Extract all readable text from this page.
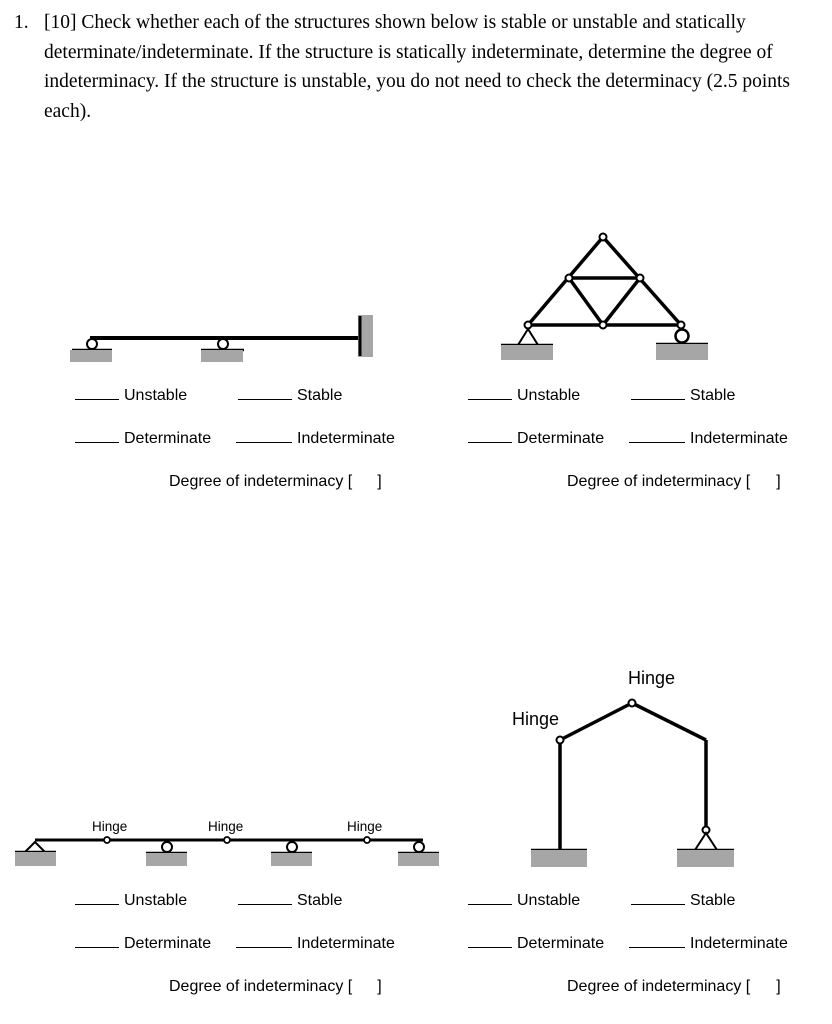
1. [10] Check whether each of the structures shown below is stable or unstable and statically determinate/indeterminate. If the structure is statically indeterminate, determine the degree of indeterminacy. If the structure is unstable, you do not need to check the determinacy (2.5 points each).
Hinge	Hinge	Hinge
Hinge
Hinge
Unstable	Stable
Determinate	Indeterminate
Degree of indeterminacy [ ]
Unstable	Stable
Determinate	Indeterminate
Degree of indeterminacy [ ]
Unstable	Stable
Determinate	Indeterminate
Degree of indeterminacy [ ]
Unstable	Stable
Determinate	Indeterminate
Degree of indeterminacy [ ]
